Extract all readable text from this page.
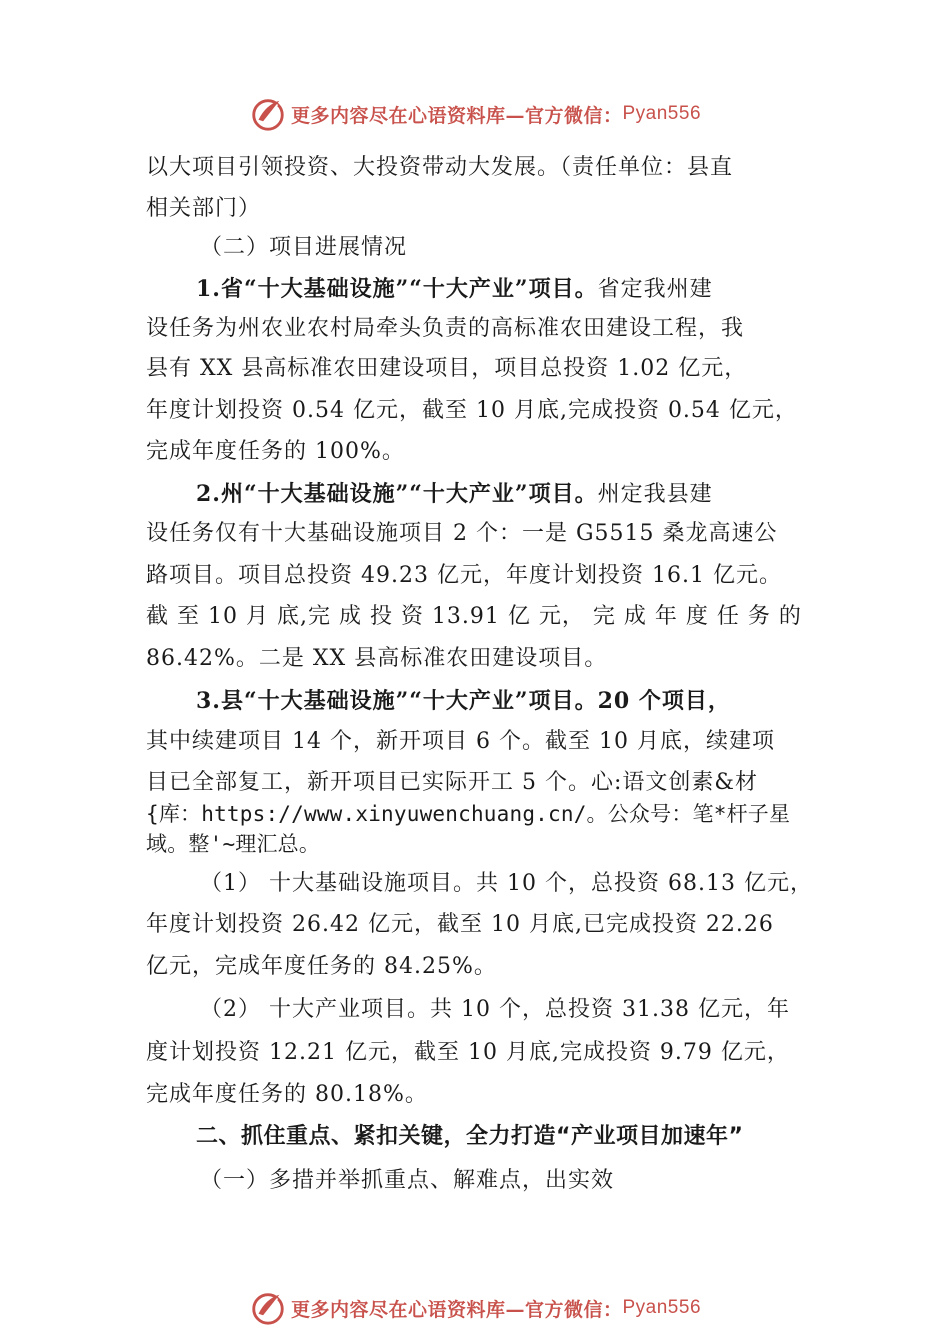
更多内容尽在心语资料库—官方微信： Pyan556
以大项目引领投资、大投资带动大发展。（责任单位：县直
相关部门）
（二）项目进展情况
1.省“十大基础设施”“十大产业”项目。省定我州建
设任务为州农业农村局牵头负责的高标准农田建设工程，我
县有 XX 县高标准农田建设项目，项目总投资 1.02 亿元，
年度计划投资 0.54 亿元，截至 10 月底,完成投资 0.54 亿元，
完成年度任务的 100%。
2.州“十大基础设施”“十大产业”项目。州定我县建
设任务仅有十大基础设施项目 2 个：一是 G5515 桑龙高速公
路项目。项目总投资 49.23 亿元，年度计划投资 16.1 亿元。
截 至 10 月 底,完 成 投 资 13.91 亿 元， 完 成 年 度 任 务 的
86.42%。二是 XX 县高标准农田建设项目。
3.县“十大基础设施”“十大产业”项目。20 个项目，
其中续建项目 14 个，新开项目 6 个。截至 10 月底，续建项
目已全部复工，新开项目已实际开工 5 个。心:语文创素&材
{库：https://www.xinyuwenchuang.cn/。公众号：笔*杆子星
域。整'~理汇总。
（1） 十大基础设施项目。共 10 个，总投资 68.13 亿元，
年度计划投资 26.42 亿元，截至 10 月底,已完成投资 22.26
亿元，完成年度任务的 84.25%。
（2） 十大产业项目。共 10 个，总投资 31.38 亿元，年
度计划投资 12.21 亿元，截至 10 月底,完成投资 9.79 亿元，
完成年度任务的 80.18%。
二、抓住重点、紧扣关键，全力打造“产业项目加速年”
（一）多措并举抓重点、解难点，出实效
更多内容尽在心语资料库—官方微信： Pyan556
